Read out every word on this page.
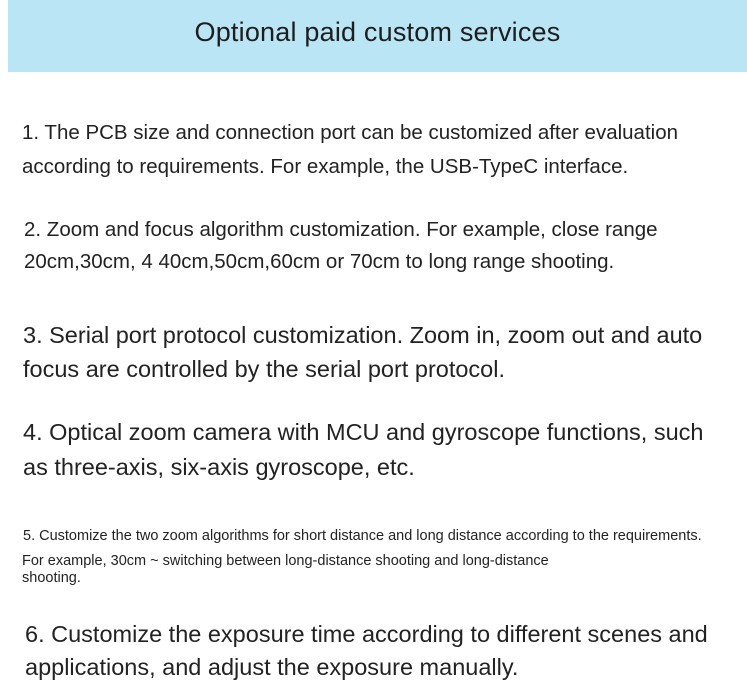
Optional paid custom services

1. The PCB size and connection port can be customized after evaluation according to requirements. For example, the USB-TypeC interface.

2. Zoom and focus algorithm customization. For example, close range 20cm,30cm, 4 40cm,50cm,60cm or 70cm to long range shooting.

3. Serial port protocol customization. Zoom in, zoom out and auto focus are controlled by the serial port protocol.

4. Optical zoom camera with MCU and gyroscope functions, such as three-axis, six-axis gyroscope, etc.

5. Customize the two zoom algorithms for short distance and long distance according to the requirements.

For example, 30cm ~ switching between long-distance shooting and long-distance shooting.

6. Customize the exposure time according to different scenes and applications, and adjust the exposure manually.
